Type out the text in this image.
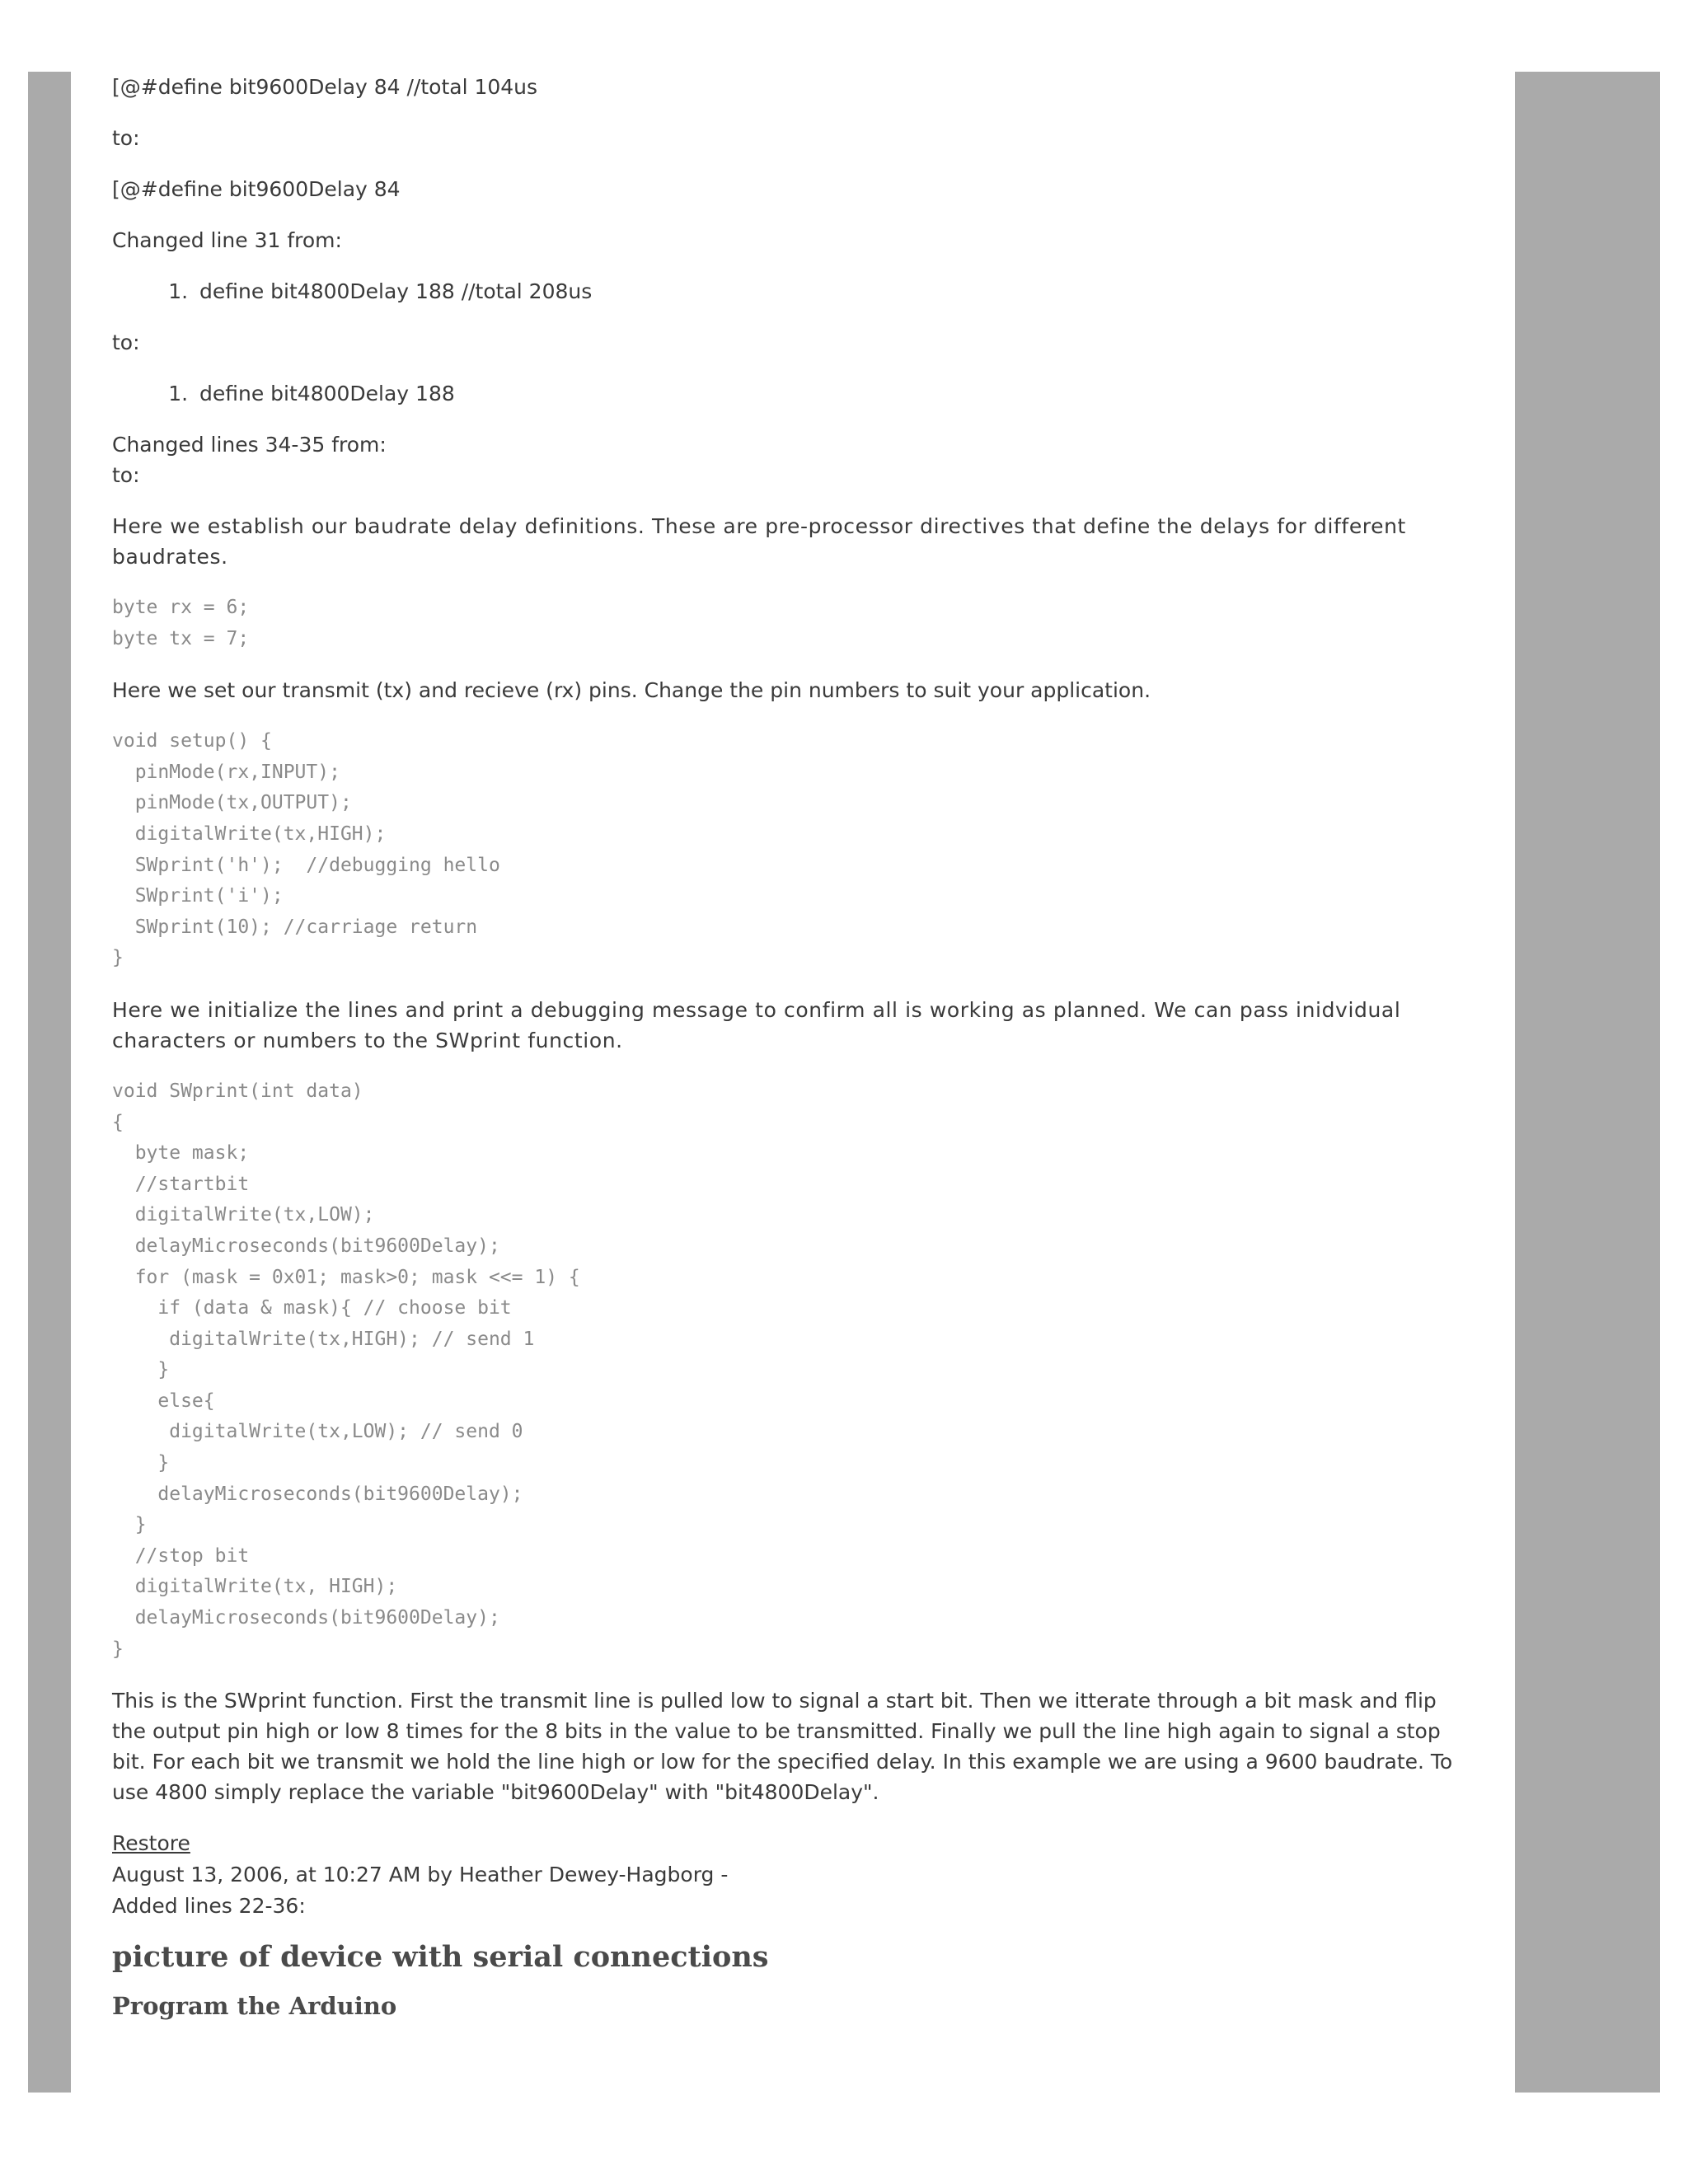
[@#define bit9600Delay 84 //total 104us

to:

[@#define bit9600Delay 84

Changed line 31 from:

1. define bit4800Delay 188 //total 208us

to:

1. define bit4800Delay 188

Changed lines 34-35 from:

to:

Here we establish our baudrate delay definitions. These are pre-processor directives that define the delays for different baudrates.

byte rx = 6;
byte tx = 7;

Here we set our transmit (tx) and recieve (rx) pins. Change the pin numbers to suit your application.

void setup() {
pinMode(rx,INPUT);
pinMode(tx,OUTPUT);
digitalWrite(tx,HIGH);
SWprint('h');  //debugging hello
SWprint('i');
SWprint(10); //carriage return
}

Here we initialize the lines and print a debugging message to confirm all is working as planned. We can pass inidvidual characters or numbers to the SWprint function.

void SWprint(int data)
{
byte mask;
//startbit
digitalWrite(tx,LOW);
delayMicroseconds(bit9600Delay);
for (mask = 0x01; mask>0; mask <<= 1) {
if (data & mask){ // choose bit
digitalWrite(tx,HIGH); // send 1
}
else{
digitalWrite(tx,LOW); // send 0
}
delayMicroseconds(bit9600Delay);
}
//stop bit
digitalWrite(tx, HIGH);
delayMicroseconds(bit9600Delay);
}

This is the SWprint function. First the transmit line is pulled low to signal a start bit. Then we itterate through a bit mask and flip the output pin high or low 8 times for the 8 bits in the value to be transmitted. Finally we pull the line high again to signal a stop bit. For each bit we transmit we hold the line high or low for the specified delay. In this example we are using a 9600 baudrate. To use 4800 simply replace the variable "bit9600Delay" with "bit4800Delay".

Restore
August 13, 2006, at 10:27 AM by Heather Dewey-Hagborg -
Added lines 22-36:
picture of device with serial connections
Program the Arduino
